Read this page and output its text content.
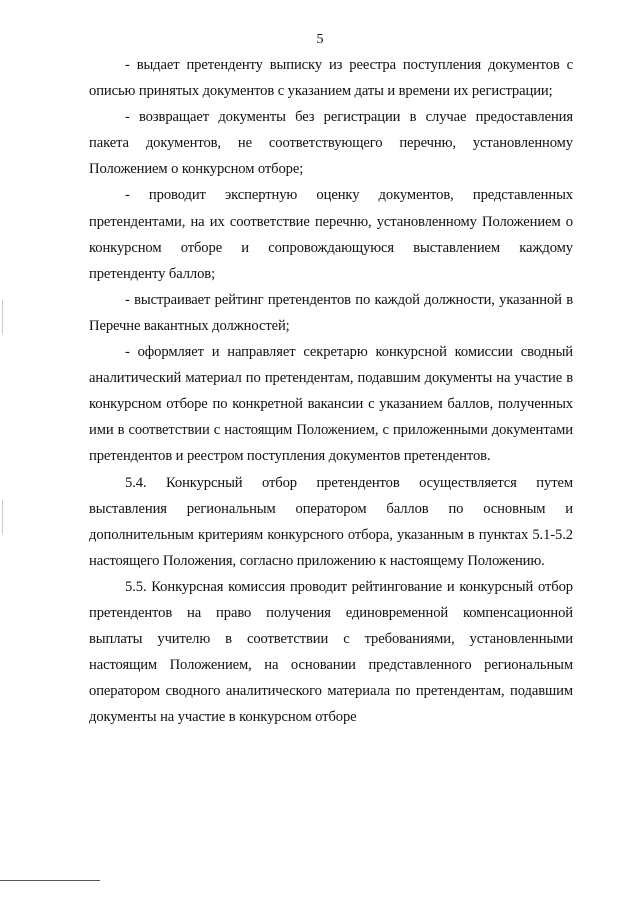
5

- выдает претенденту выписку из реестра поступления документов с описью принятых документов с указанием даты и времени их регистрации;

- возвращает документы без регистрации в случае предоставления пакета документов, не соответствующего перечню, установленному Положением о конкурсном отборе;

- проводит экспертную оценку документов, представленных претендентами, на их соответствие перечню, установленному Положением о конкурсном отборе и сопровождающуюся выставлением каждому претенденту баллов;

- выстраивает рейтинг претендентов по каждой должности, указанной в Перечне вакантных должностей;

- оформляет и направляет секретарю конкурсной комиссии сводный аналитический материал по претендентам, подавшим документы на участие в конкурсном отборе по конкретной вакансии с указанием баллов, полученных ими в соответствии с настоящим Положением, с приложенными документами претендентов и реестром поступления документов претендентов.

5.4. Конкурсный отбор претендентов осуществляется путем выставления региональным оператором баллов по основным и дополнительным критериям конкурсного отбора, указанным в пунктах 5.1-5.2 настоящего Положения, согласно приложению к настоящему Положению.

5.5. Конкурсная комиссия проводит рейтингование и конкурсный отбор претендентов на право получения единовременной компенсационной выплаты учителю в соответствии с требованиями, установленными настоящим Положением, на основании представленного региональным оператором сводного аналитического материала по претендентам, подавшим документы на участие в конкурсном отборе
